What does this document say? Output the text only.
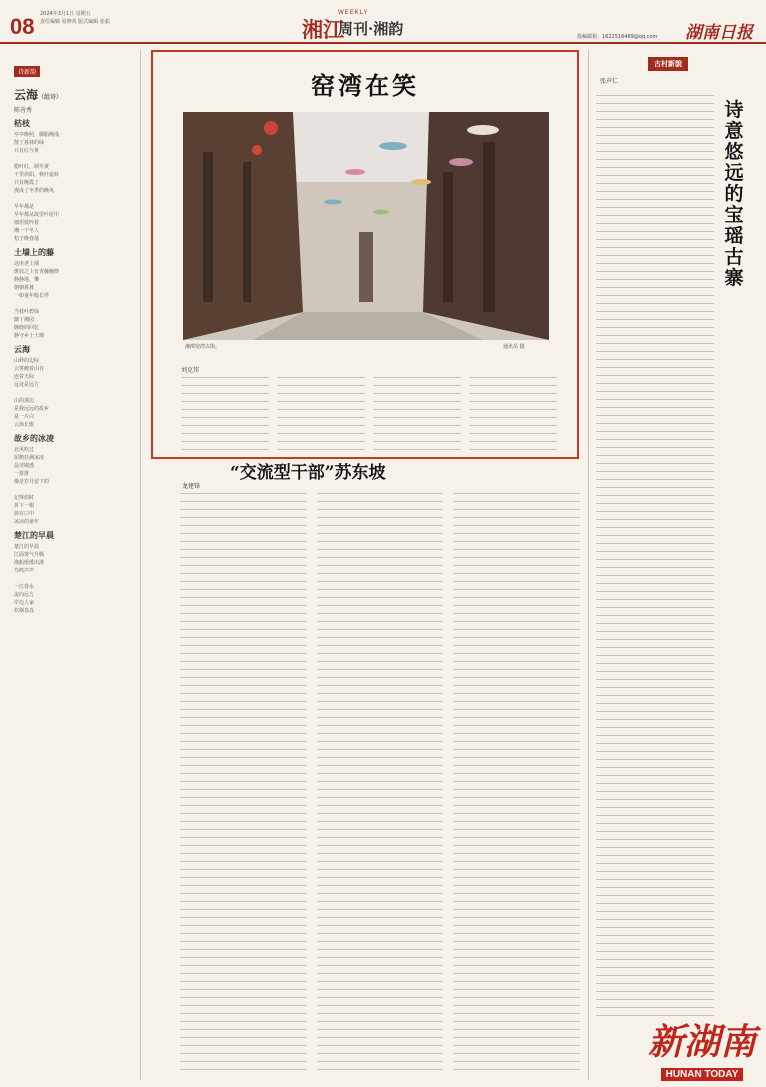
08 2024年3月1日 星期五
责任编辑 易修英 版式编辑 张茹	湘江
WEEKLY
周刊·湘韵	投稿邮箱：1622516469@qq.com 湖南日报
诗新韵
云海（组诗）
陈善秀
桔枝
亭亭晚照，胭脂晚浅
散了暮林的绿
只有红与黄

腊叶红，颂冬黄
千里斜阳，秋叶旋转
只有晚霞了
漫成了冬季的晚风

早年都是
早年都从故里叶尾中
细语低吟着
湘一个冬人
桔子晚春落
土墙上的藤
这座老土墙
斑驳之上有青藤缠绕
静静地，攀
朝朝暮暮
一如童年般长伴

当枝叶碧绿
随了湘园
缠绕的回忆
静守乡土土墙
云海
山岭的边际
云雾缠着山谷
连着天际
远处是远方

山的那边
是我远远的故乡
是一片白
云海长歌
故乡的冰凌
北风吹过
屋檐挂满冰凌
晶莹剔透
一排排
像是岁月留下的

记得幼时
折下一根
放在口中
冰凉的童年
楚江的早晨
楚江的早晨
江面雾气升腾
渔船缓缓出港
鸟鸣声声

一江春水
流向远方
岸边人家
炊烟袅袅
窑湾在笑
湘潭窑湾古街。	通讯员 摄
刘克邦
“交流型干部”苏东坡
龙建锋
古村新貌
张声仁
诗
意
悠
远
的
宝
瑶
古
寨
新湖南
HUNAN TODAY
